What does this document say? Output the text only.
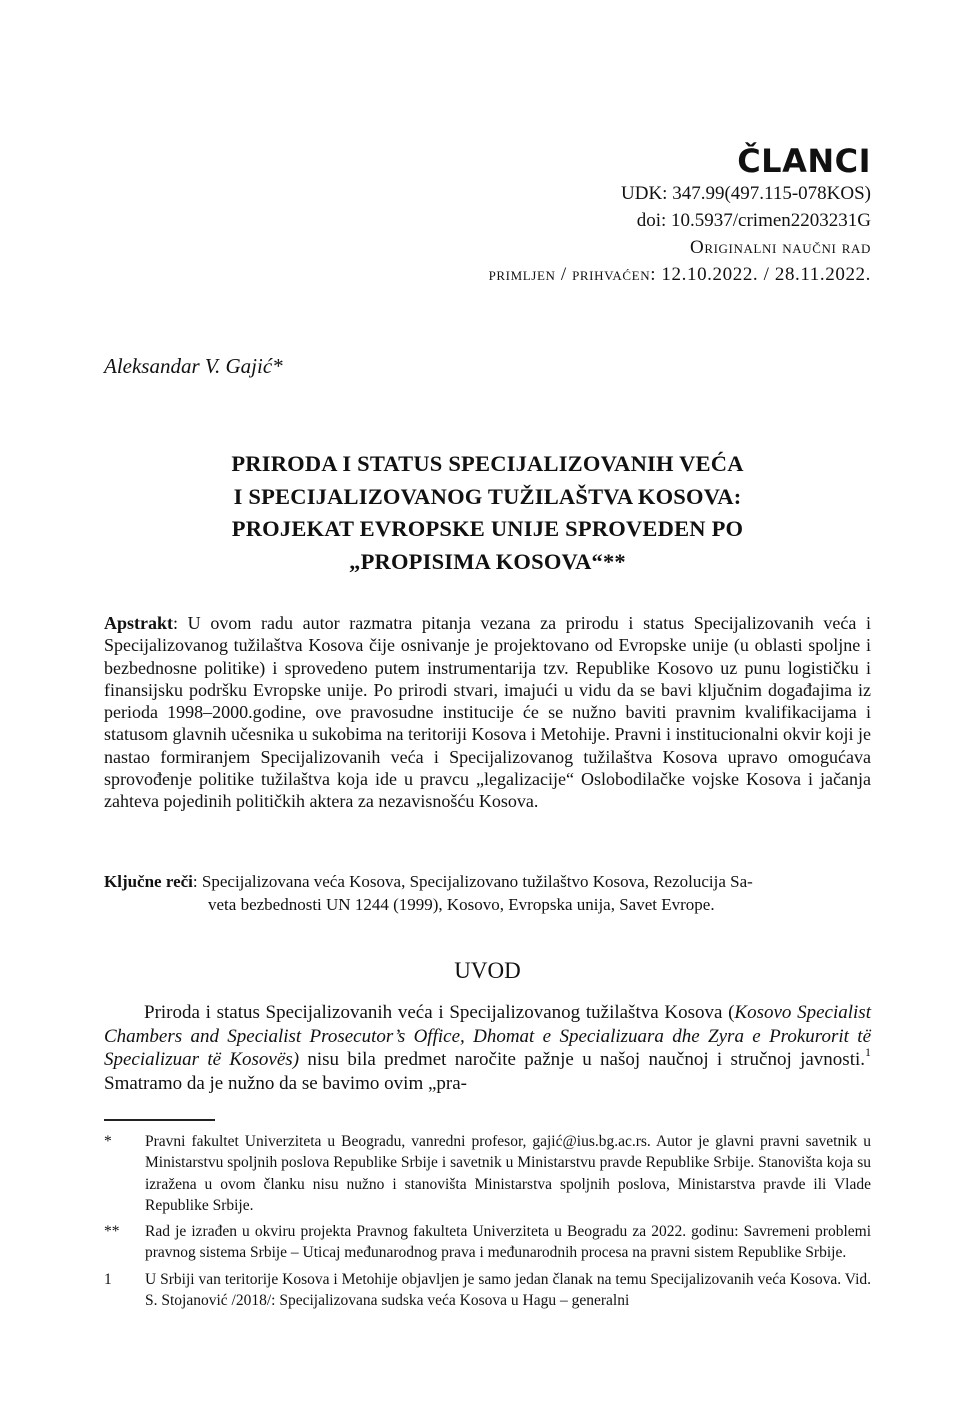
ČLANCI
UDK: 347.99(497.115-078KOS)
doi: 10.5937/crimen2203231G
Originalni naučni rad
primljen / prihvaćen: 12.10.2022. / 28.11.2022.
Aleksandar V. Gajić*
PRIRODA I STATUS SPECIJALIZOVANIH VEĆA
I SPECIJALIZOVANOG TUŽILAŠTVA KOSOVA:
PROJEKAT EVROPSKE UNIJE SPROVEDEN PO
„PROPISIMA KOSOVA“**
Apstrakt: U ovom radu autor razmatra pitanja vezana za prirodu i status Specijalizovanih veća i Specijalizovanog tužilaštva Kosova čije osnivanje je projektovano od Evropske unije (u oblasti spoljne i bezbednosne politike) i sprovedeno putem instrumentarija tzv. Republike Kosovo uz punu logističku i finansijsku podršku Evropske unije. Po prirodi stvari, imajući u vidu da se bavi ključnim događajima iz perioda 1998–2000.godine, ove pravosudne institucije će se nužno baviti pravnim kvalifikacijama i statusom glavnih učesnika u sukobima na teritoriji Kosova i Metohije. Pravni i institucionalni okvir koji je nastao formiranjem Specijalizovanih veća i Specijalizovanog tužilaštva Kosova upravo omogućava sprovođenje politike tužilaštva koja ide u pravcu „legalizacije“ Oslobodilačke vojske Kosova i jačanja zahteva pojedinih političkih aktera za nezavisnošću Kosova.
Ključne reči: Specijalizovana veća Kosova, Specijalizovano tužilaštvo Kosova, Rezolucija Sa-
veta bezbednosti UN 1244 (1999), Kosovo, Evropska unija, Savet Evrope.
UVOD
Priroda i status Specijalizovanih veća i Specijalizovanog tužilaštva Kosova (Kosovo Specialist Chambers and Specialist Prosecutor’s Office, Dhomat e Specializuara dhe Zyra e Prokurorit të Specializuar të Kosovës) nisu bila predmet naročite pažnje u našoj naučnoj i stručnoj javnosti.$^1$ Smatramo da je nužno da se bavimo ovim „pra-
*	Pravni fakultet Univerziteta u Beogradu, vanredni profesor, gajić@ius.bg.ac.rs. Autor je glavni pravni savetnik u Ministarstvu spoljnih poslova Republike Srbije i savetnik u Ministarstvu pravde Republike Srbije. Stanovišta koja su izražena u ovom članku nisu nužno i stanovišta Ministarstva spoljnih poslova, Ministarstva pravde ili Vlade Republike Srbije.
**	Rad je izrađen u okviru projekta Pravnog fakulteta Univerziteta u Beogradu za 2022. godinu: Savremeni problemi pravnog sistema Srbije – Uticaj međunarodnog prava i međunarodnih procesa na pravni sistem Republike Srbije.
1	U Srbiji van teritorije Kosova i Metohije objavljen je samo jedan članak na temu Specijalizovanih veća Kosova. Vid. S. Stojanović /2018/: Specijalizovana sudska veća Kosova u Hagu – generalni
